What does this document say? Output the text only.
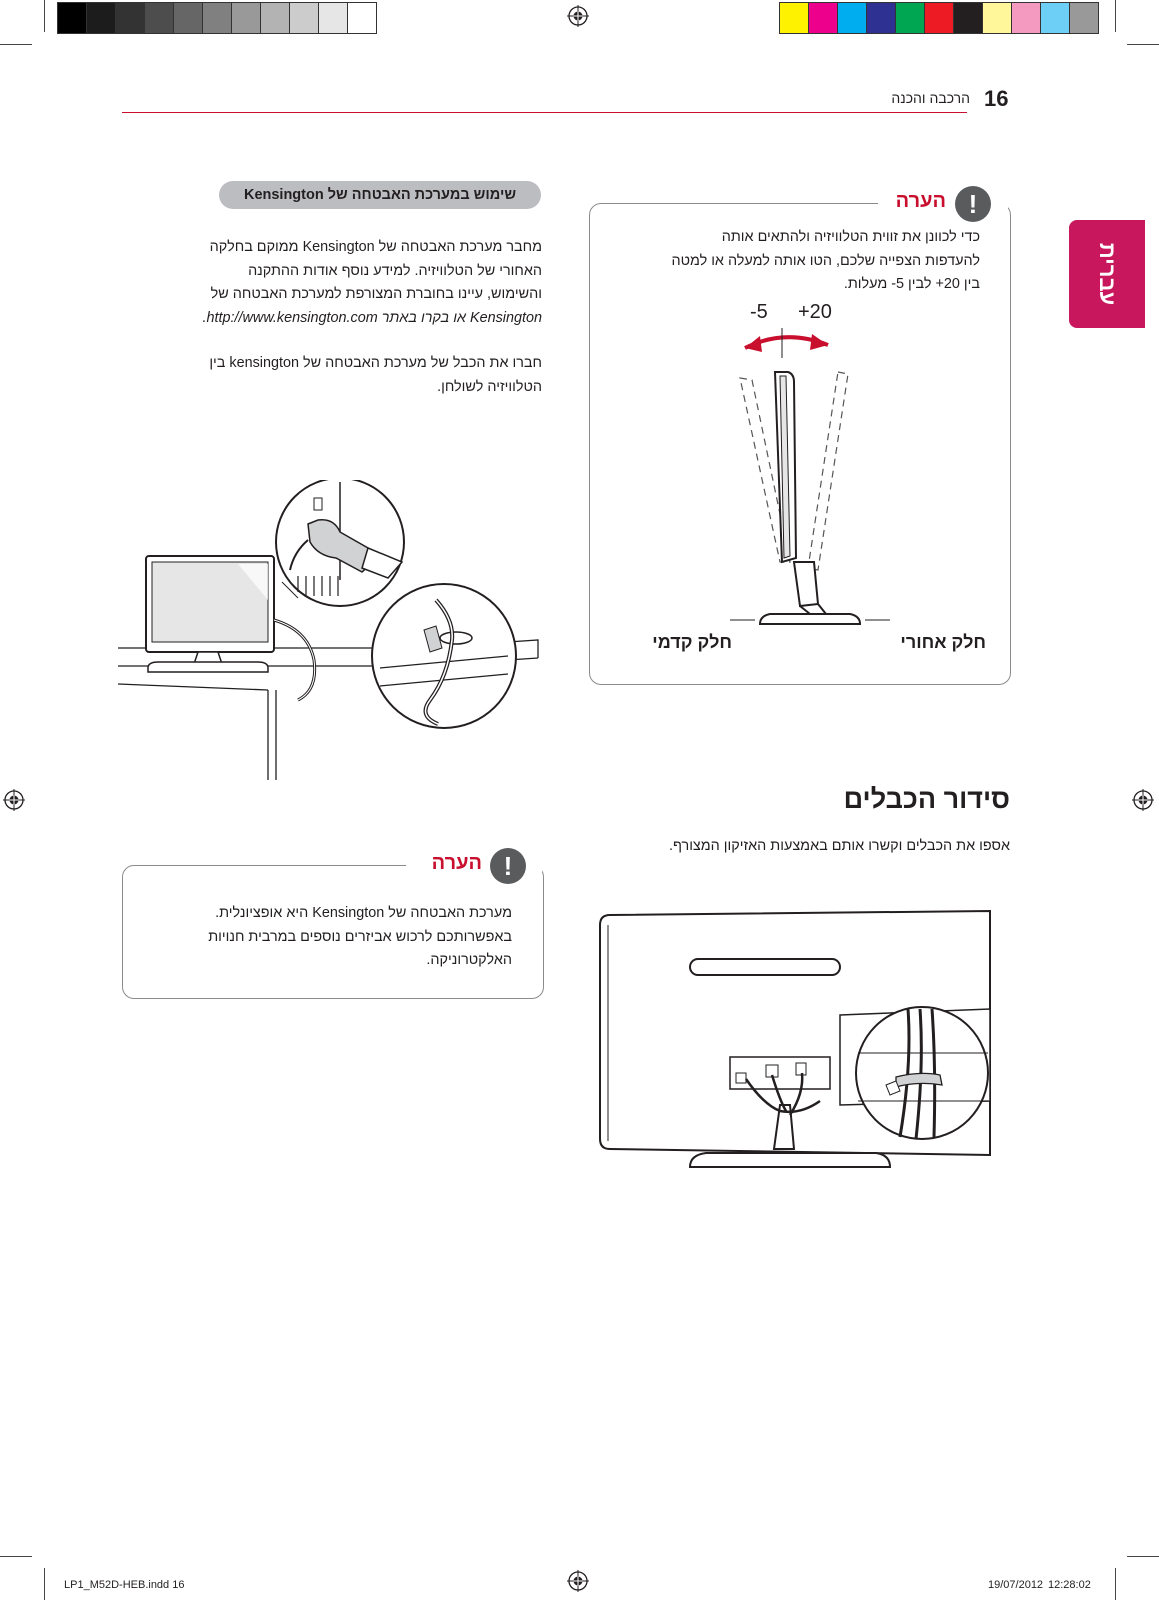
16
הרכבה והכנה
עברית
!
הערה
כדי לכוונן את זווית הטלוויזיה ולהתאים אותה
להעדפות הצפייה שלכם, הטו אותה למעלה או למטה
בין ‎+20‎ לבין ‎-5‎ מעלות.
-5 +20
חלק קדמי	חלק אחורי
שימוש במערכת האבטחה של Kensington
מחבר מערכת האבטחה של Kensington ממוקם בחלקה
האחורי של הטלוויזיה. למידע נוסף אודות ההתקנה
והשימוש, עיינו בחוברת המצורפת למערכת האבטחה של
Kensington או בקרו באתר http://www.kensington.com.
חברו את הכבל של מערכת האבטחה של kensington בין
הטלוויזיה לשולחן.
!
הערה
מערכת האבטחה של Kensington היא אופציונלית.
באפשרותכם לרכוש אביזרים נוספים במרבית חנויות
האלקטרוניקה.
סידור הכבלים
אספו את הכבלים וקשרו אותם באמצעות האזיקון המצורף.
LP1_M52D-HEB.indd 16	19/07/2012 12:28:02
